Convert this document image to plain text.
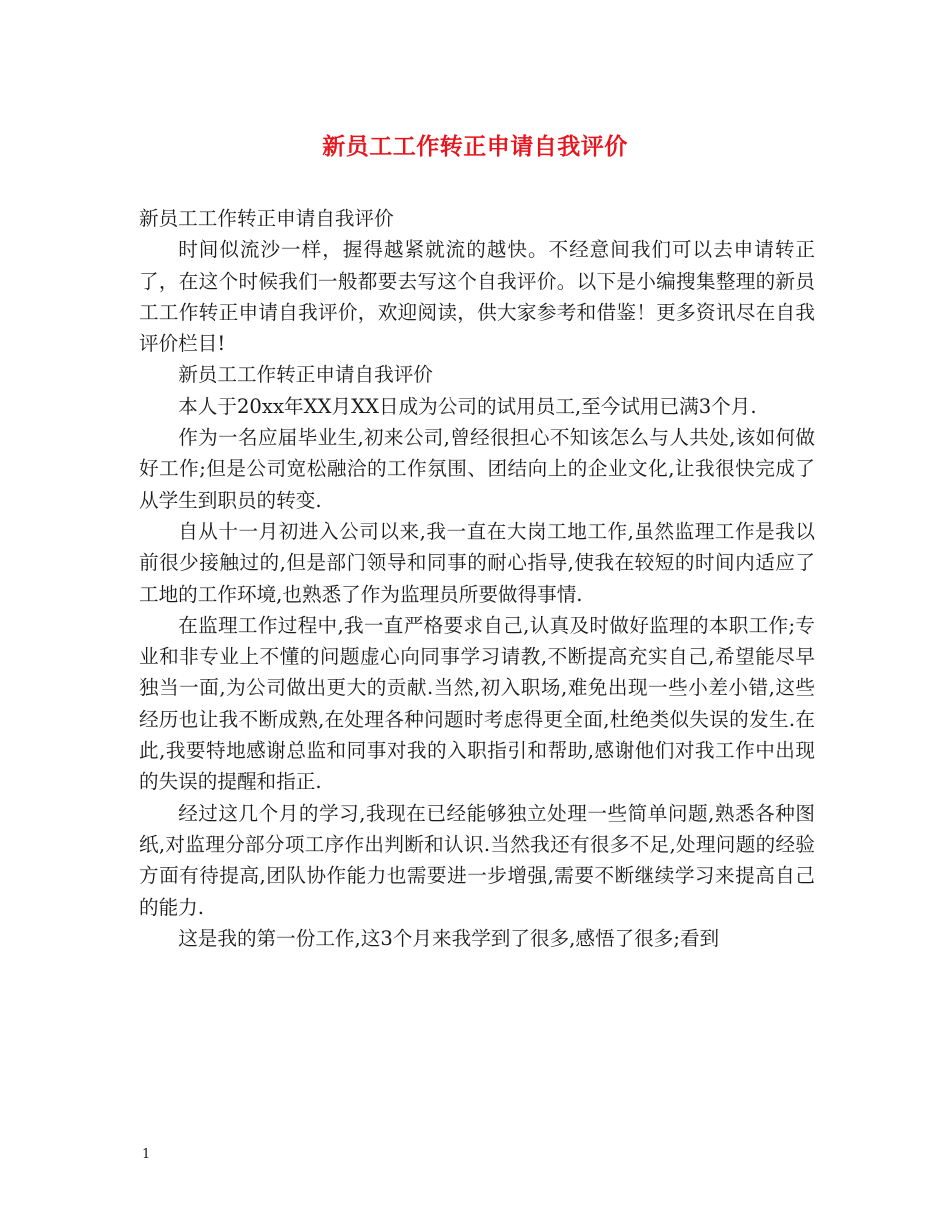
新员工工作转正申请自我评价

新员工工作转正申请自我评价

时间似流沙一样，握得越紧就流的越快。不经意间我们可以去申请转正了，在这个时候我们一般都要去写这个自我评价。以下是小编搜集整理的新员工工作转正申请自我评价，欢迎阅读，供大家参考和借鉴！更多资讯尽在自我评价栏目!

新员工工作转正申请自我评价

本人于20xx年XX月XX日成为公司的试用员工,至今试用已满3个月.

作为一名应届毕业生,初来公司,曾经很担心不知该怎么与人共处,该如何做好工作;但是公司宽松融洽的工作氛围、团结向上的企业文化,让我很快完成了从学生到职员的转变.

自从十一月初进入公司以来,我一直在大岗工地工作,虽然监理工作是我以前很少接触过的,但是部门领导和同事的耐心指导,使我在较短的时间内适应了工地的工作环境,也熟悉了作为监理员所要做得事情.

在监理工作过程中,我一直严格要求自己,认真及时做好监理的本职工作;专业和非专业上不懂的问题虚心向同事学习请教,不断提高充实自己,希望能尽早独当一面,为公司做出更大的贡献.当然,初入职场,难免出现一些小差小错,这些经历也让我不断成熟,在处理各种问题时考虑得更全面,杜绝类似失误的发生.在此,我要特地感谢总监和同事对我的入职指引和帮助,感谢他们对我工作中出现的失误的提醒和指正.

经过这几个月的学习,我现在已经能够独立处理一些简单问题,熟悉各种图纸,对监理分部分项工序作出判断和认识.当然我还有很多不足,处理问题的经验方面有待提高,团队协作能力也需要进一步增强,需要不断继续学习来提高自己的能力.

这是我的第一份工作,这3个月来我学到了很多,感悟了很多;看到

1
